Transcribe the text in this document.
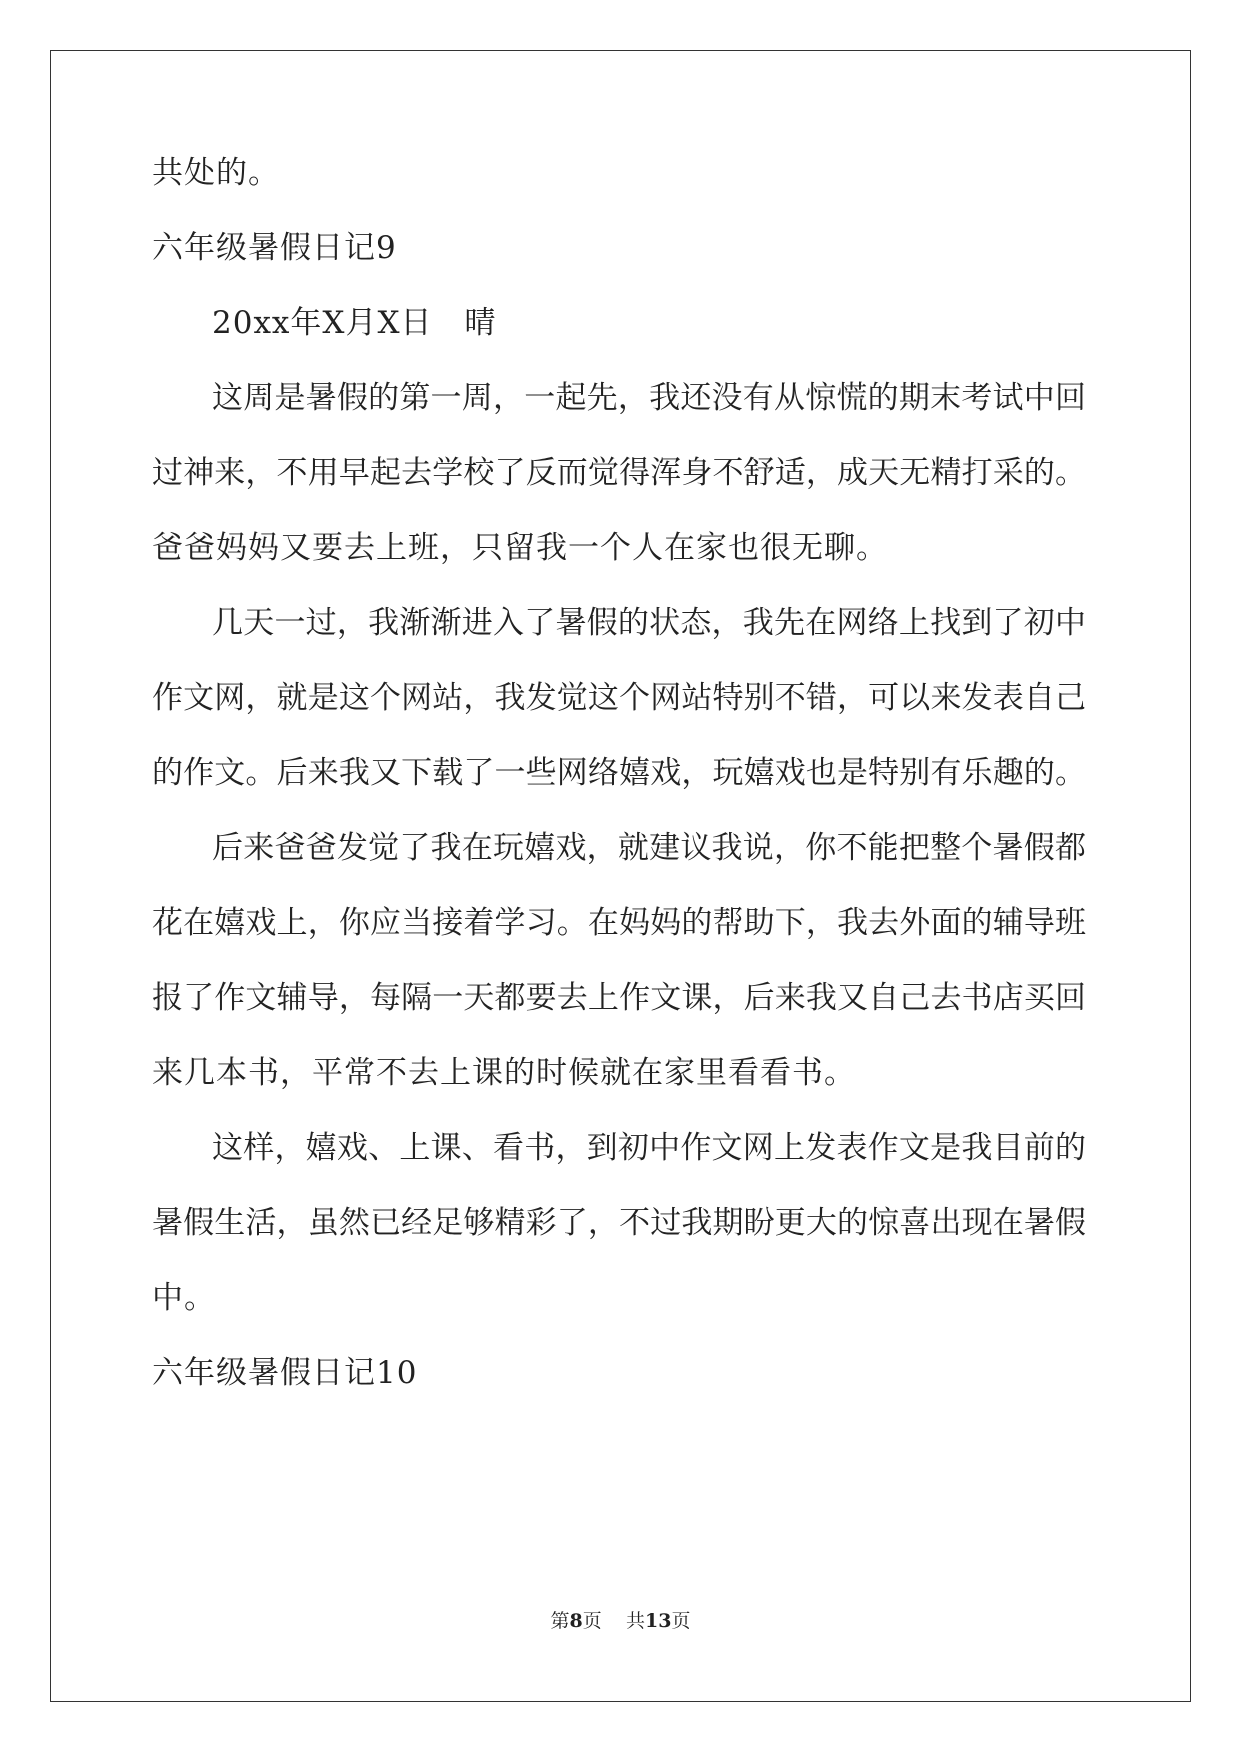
共处的。
六年级暑假日记9
20xx年X月X日　晴
这周是暑假的第一周，一起先，我还没有从惊慌的期末考试中回
过神来，不用早起去学校了反而觉得浑身不舒适，成天无精打采的。
爸爸妈妈又要去上班，只留我一个人在家也很无聊。
几天一过，我渐渐进入了暑假的状态，我先在网络上找到了初中
作文网，就是这个网站，我发觉这个网站特别不错，可以来发表自己
的作文。后来我又下载了一些网络嬉戏，玩嬉戏也是特别有乐趣的。
后来爸爸发觉了我在玩嬉戏，就建议我说，你不能把整个暑假都
花在嬉戏上，你应当接着学习。在妈妈的帮助下，我去外面的辅导班
报了作文辅导，每隔一天都要去上作文课，后来我又自己去书店买回
来几本书，平常不去上课的时候就在家里看看书。
这样，嬉戏、上课、看书，到初中作文网上发表作文是我目前的
暑假生活，虽然已经足够精彩了，不过我期盼更大的惊喜出现在暑假
中。
六年级暑假日记10
第8页 共13页
